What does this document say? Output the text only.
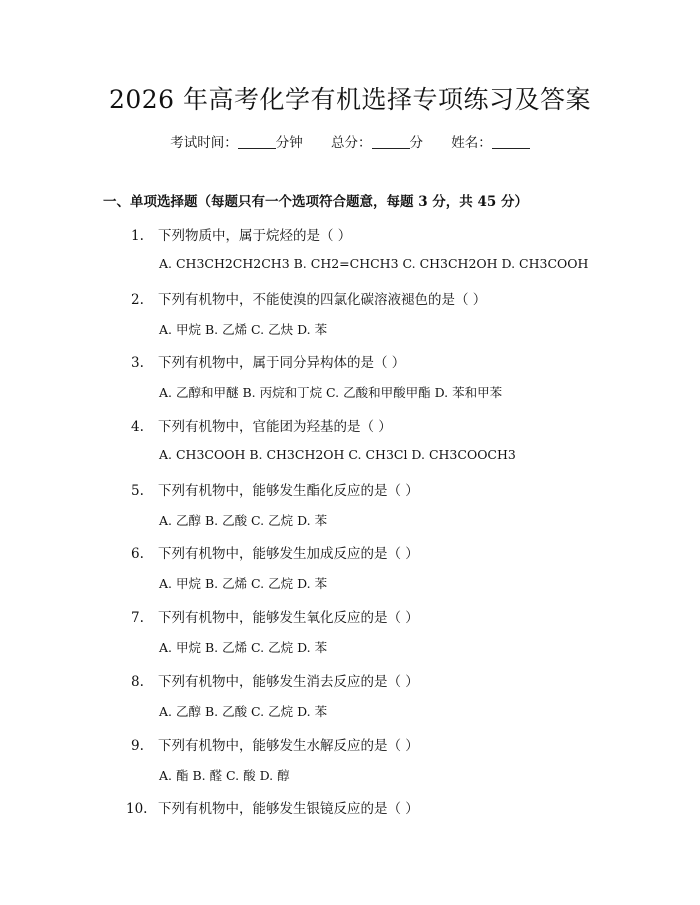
2026 年高考化学有机选择专项练习及答案
考试时间：	分钟 总分：	分 姓名：
一、单项选择题（每题只有一个选项符合题意，每题 3 分，共 45 分）
1. 下列物质中，属于烷烃的是（ ）
A. CH3CH2CH2CH3 B. CH2=CHCH3 C. CH3CH2OH D. CH3COOH
2. 下列有机物中，不能使溴的四氯化碳溶液褪色的是（ ）
A. 甲烷 B. 乙烯 C. 乙炔 D. 苯
3. 下列有机物中，属于同分异构体的是（ ）
A. 乙醇和甲醚 B. 丙烷和丁烷 C. 乙酸和甲酸甲酯 D. 苯和甲苯
4. 下列有机物中，官能团为羟基的是（ ）
A. CH3COOH B. CH3CH2OH C. CH3Cl D. CH3COOCH3
5. 下列有机物中，能够发生酯化反应的是（ ）
A. 乙醇 B. 乙酸 C. 乙烷 D. 苯
6. 下列有机物中，能够发生加成反应的是（ ）
A. 甲烷 B. 乙烯 C. 乙烷 D. 苯
7. 下列有机物中，能够发生氧化反应的是（ ）
A. 甲烷 B. 乙烯 C. 乙烷 D. 苯
8. 下列有机物中，能够发生消去反应的是（ ）
A. 乙醇 B. 乙酸 C. 乙烷 D. 苯
9. 下列有机物中，能够发生水解反应的是（ ）
A. 酯 B. 醛 C. 酸 D. 醇
10. 下列有机物中，能够发生银镜反应的是（ ）
